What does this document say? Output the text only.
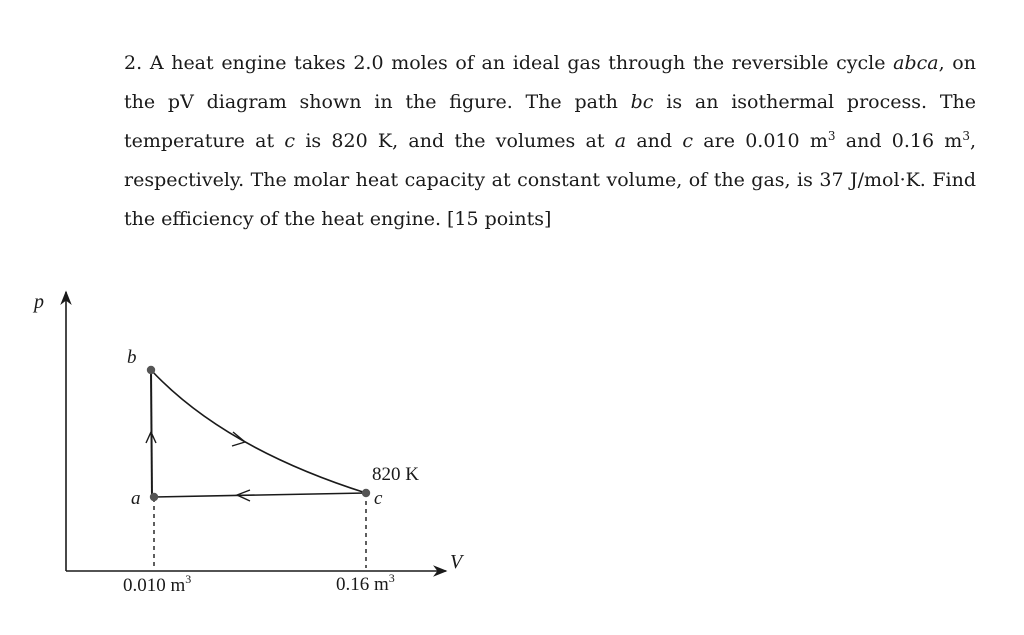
2. A heat engine takes 2.0 moles of an ideal gas through the reversible cycle abca, on the pV diagram shown in the figure. The path bc is an isothermal process. The temperature at c is 820 K, and the volumes at a and c are 0.010 $m^3$ and 0.16 $m^3$, respectively. The molar heat capacity at constant volume, of the gas, is 37 J/mol·K. Find the efficiency of the heat engine. [15 points]
p
V
a
b
c
820 K
0.010 $m^3$	0.16 $m^3$
